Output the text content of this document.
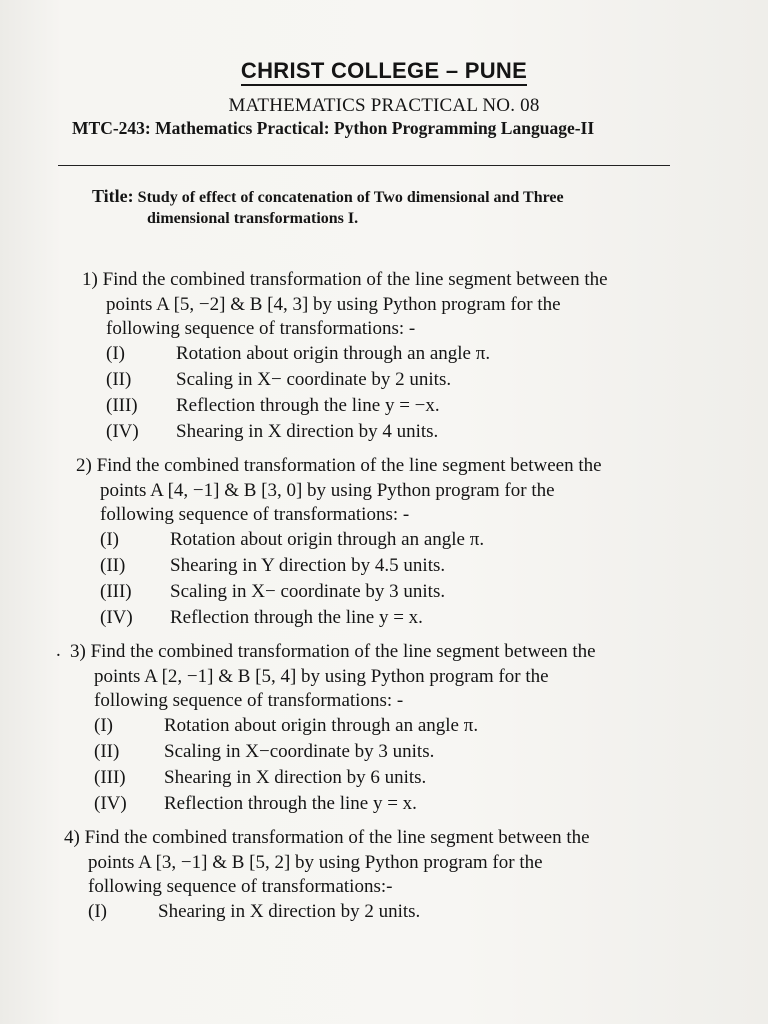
CHRIST COLLEGE – PUNE
MATHEMATICS PRACTICAL NO. 08
MTC-243: Mathematics Practical: Python Programming Language-II
Title: Study of effect of concatenation of Two dimensional and Three
dimensional transformations I.
.
1) Find the combined transformation of the line segment between the
points A [5, −2] & B [4, 3] by using Python program for the
following sequence of transformations: -
(I)	Rotation about origin through an angle π.
(II)	Scaling in X− coordinate by 2 units.
(III)	Reflection through the line y = −x.
(IV)	Shearing in X direction by 4 units.
2) Find the combined transformation of the line segment between the
points A [4, −1] & B [3, 0] by using Python program for the
following sequence of transformations: -
(I)	Rotation about origin through an angle π.
(II)	Shearing in Y direction by 4.5 units.
(III)	Scaling in X− coordinate by 3 units.
(IV)	Reflection through the line y = x.
3) Find the combined transformation of the line segment between the
points A [2, −1] & B [5, 4] by using Python program for the
following sequence of transformations: -
(I)	Rotation about origin through an angle π.
(II)	Scaling in X−coordinate by 3 units.
(III)	Shearing in X direction by 6 units.
(IV)	Reflection through the line y = x.
4) Find the combined transformation of the line segment between the
points A [3, −1] & B [5, 2] by using Python program for the
following sequence of transformations:-
(I)	Shearing in X direction by 2 units.
